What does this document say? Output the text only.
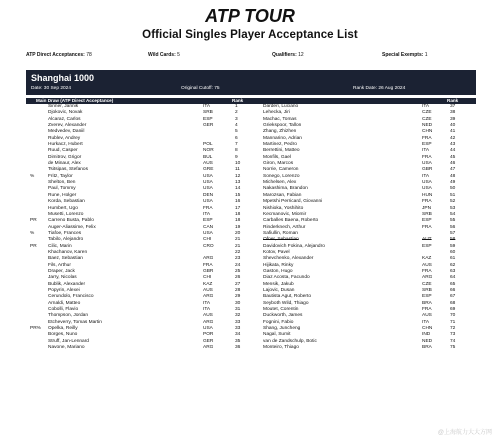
ATP TOUR
Official Singles Player Acceptance List
ATP Direct Acceptances: 78	Wild Cards: 5	Qualifiers: 12	Special Exempts: 1
Shanghai 1000
Date: 30 Sep 2024	Original Cutoff: 75	Rank Date: 26 Aug 2024
Main Draw (ATP Direct Acceptance)	Rank	Rank
Sinner, Jannik	ITA	1	Darderi, Luciano	ITA	37
Djokovic, Novak	SRB	2	Lehecka, Jiri	CZE	38
Alcaraz, Carlos	ESP	3	Machac, Tomas	CZE	39
Zverev, Alexander	GER	4	Griekspoor, Tallon	NED	40
Medvedev, Daniil	5	Zhang, Zhizhen	CHN	41
Rublev, Andrey	6	Mannarino, Adrian	FRA	42
Hurkacz, Hubert	POL	7	Martinez, Pedro	ESP	43
Ruud, Casper	NOR	8	Berrettini, Matteo	ITA	44
Dimitrov, Grigor	BUL	9	Monfils, Gael	FRA	45
de Minaur, Alex	AUS	10	Giron, Marcos	USA	46
Tsitsipas, Stefanos	GRE	11	Norrie, Cameron	GBR	47
%	Fritz, Taylor	USA	12	Sonego, Lorenzo	ITA	48
Shelton, Ben	USA	13	Michelsen, Alex	USA	49
Paul, Tommy	USA	14	Nakashima, Brandon	USA	50
Rune, Holger	DEN	15	Marozsan, Fabian	HUN	51
Korda, Sebastian	USA	16	Mpetshi Perricard, Giovanni	FRA	52
Humbert, Ugo	FRA	17	Nishioka, Yoshihito	JPN	53
Musetti, Lorenzo	ITA	18	Kecmanovic, Miomir	SRB	54
PR Carreno Busta, Pablo	ESP	18	Carballes Baena, Roberto	ESP	55
Auger-Aliassime, Felix	CAN	19	Rinderknech, Arthur	FRA	56
%	Tiafoe, Frances	USA	20	Safiullin, Roman	57
Tabilo, Alejandro	CHI	21	Ofner, Sebastian	AUT	58
PR Cilic, Marin	CRO	21	Davidovich Fokina, Alejandro	ESP	59
Khachanov, Karen	22	Kotov, Pavel	60
Baez, Sebastian	ARG	23	Shevchenko, Alexander	KAZ	61
Fils, Arthur	FRA	24	Hijikata, Rinky	AUS	62
Draper, Jack	GBR	25	Gaston, Hugo	FRA	63
Jarry, Nicolas	CHI	26	Diaz Acosta, Facundo	ARG	64
Bublik, Alexander	KAZ	27	Mensik, Jakub	CZE	65
Popyrin, Alexei	AUS	28	Lajovic, Dusan	SRB	66
Cerundolo, Francisco	ARG	29	Bautista Agut, Roberto	ESP	67
Arnaldi, Matteo	ITA	30	Seyboth Wild, Thiago	BRA	68
Cobolli, Flavio	ITA	31	Moutet, Corentin	FRA	69
Thompson, Jordan	AUS	32	Duckworth, James	AUS	70
Etcheverry, Tomas Martin	ARG	33	Fognini, Fabio	ITA	71
PR% Opelka, Reilly	USA	33	Shang, Juncheng	CHN	72
Borges, Nuno	POR	34	Nagal, Sumit	IND	73
Struff, Jan-Lennard	GER	35	van de Zandschulp, Botic	NED	74
Navone, Mariano	ARG	36	Monteiro, Thiago	BRA	75
@上海航力大大方网
